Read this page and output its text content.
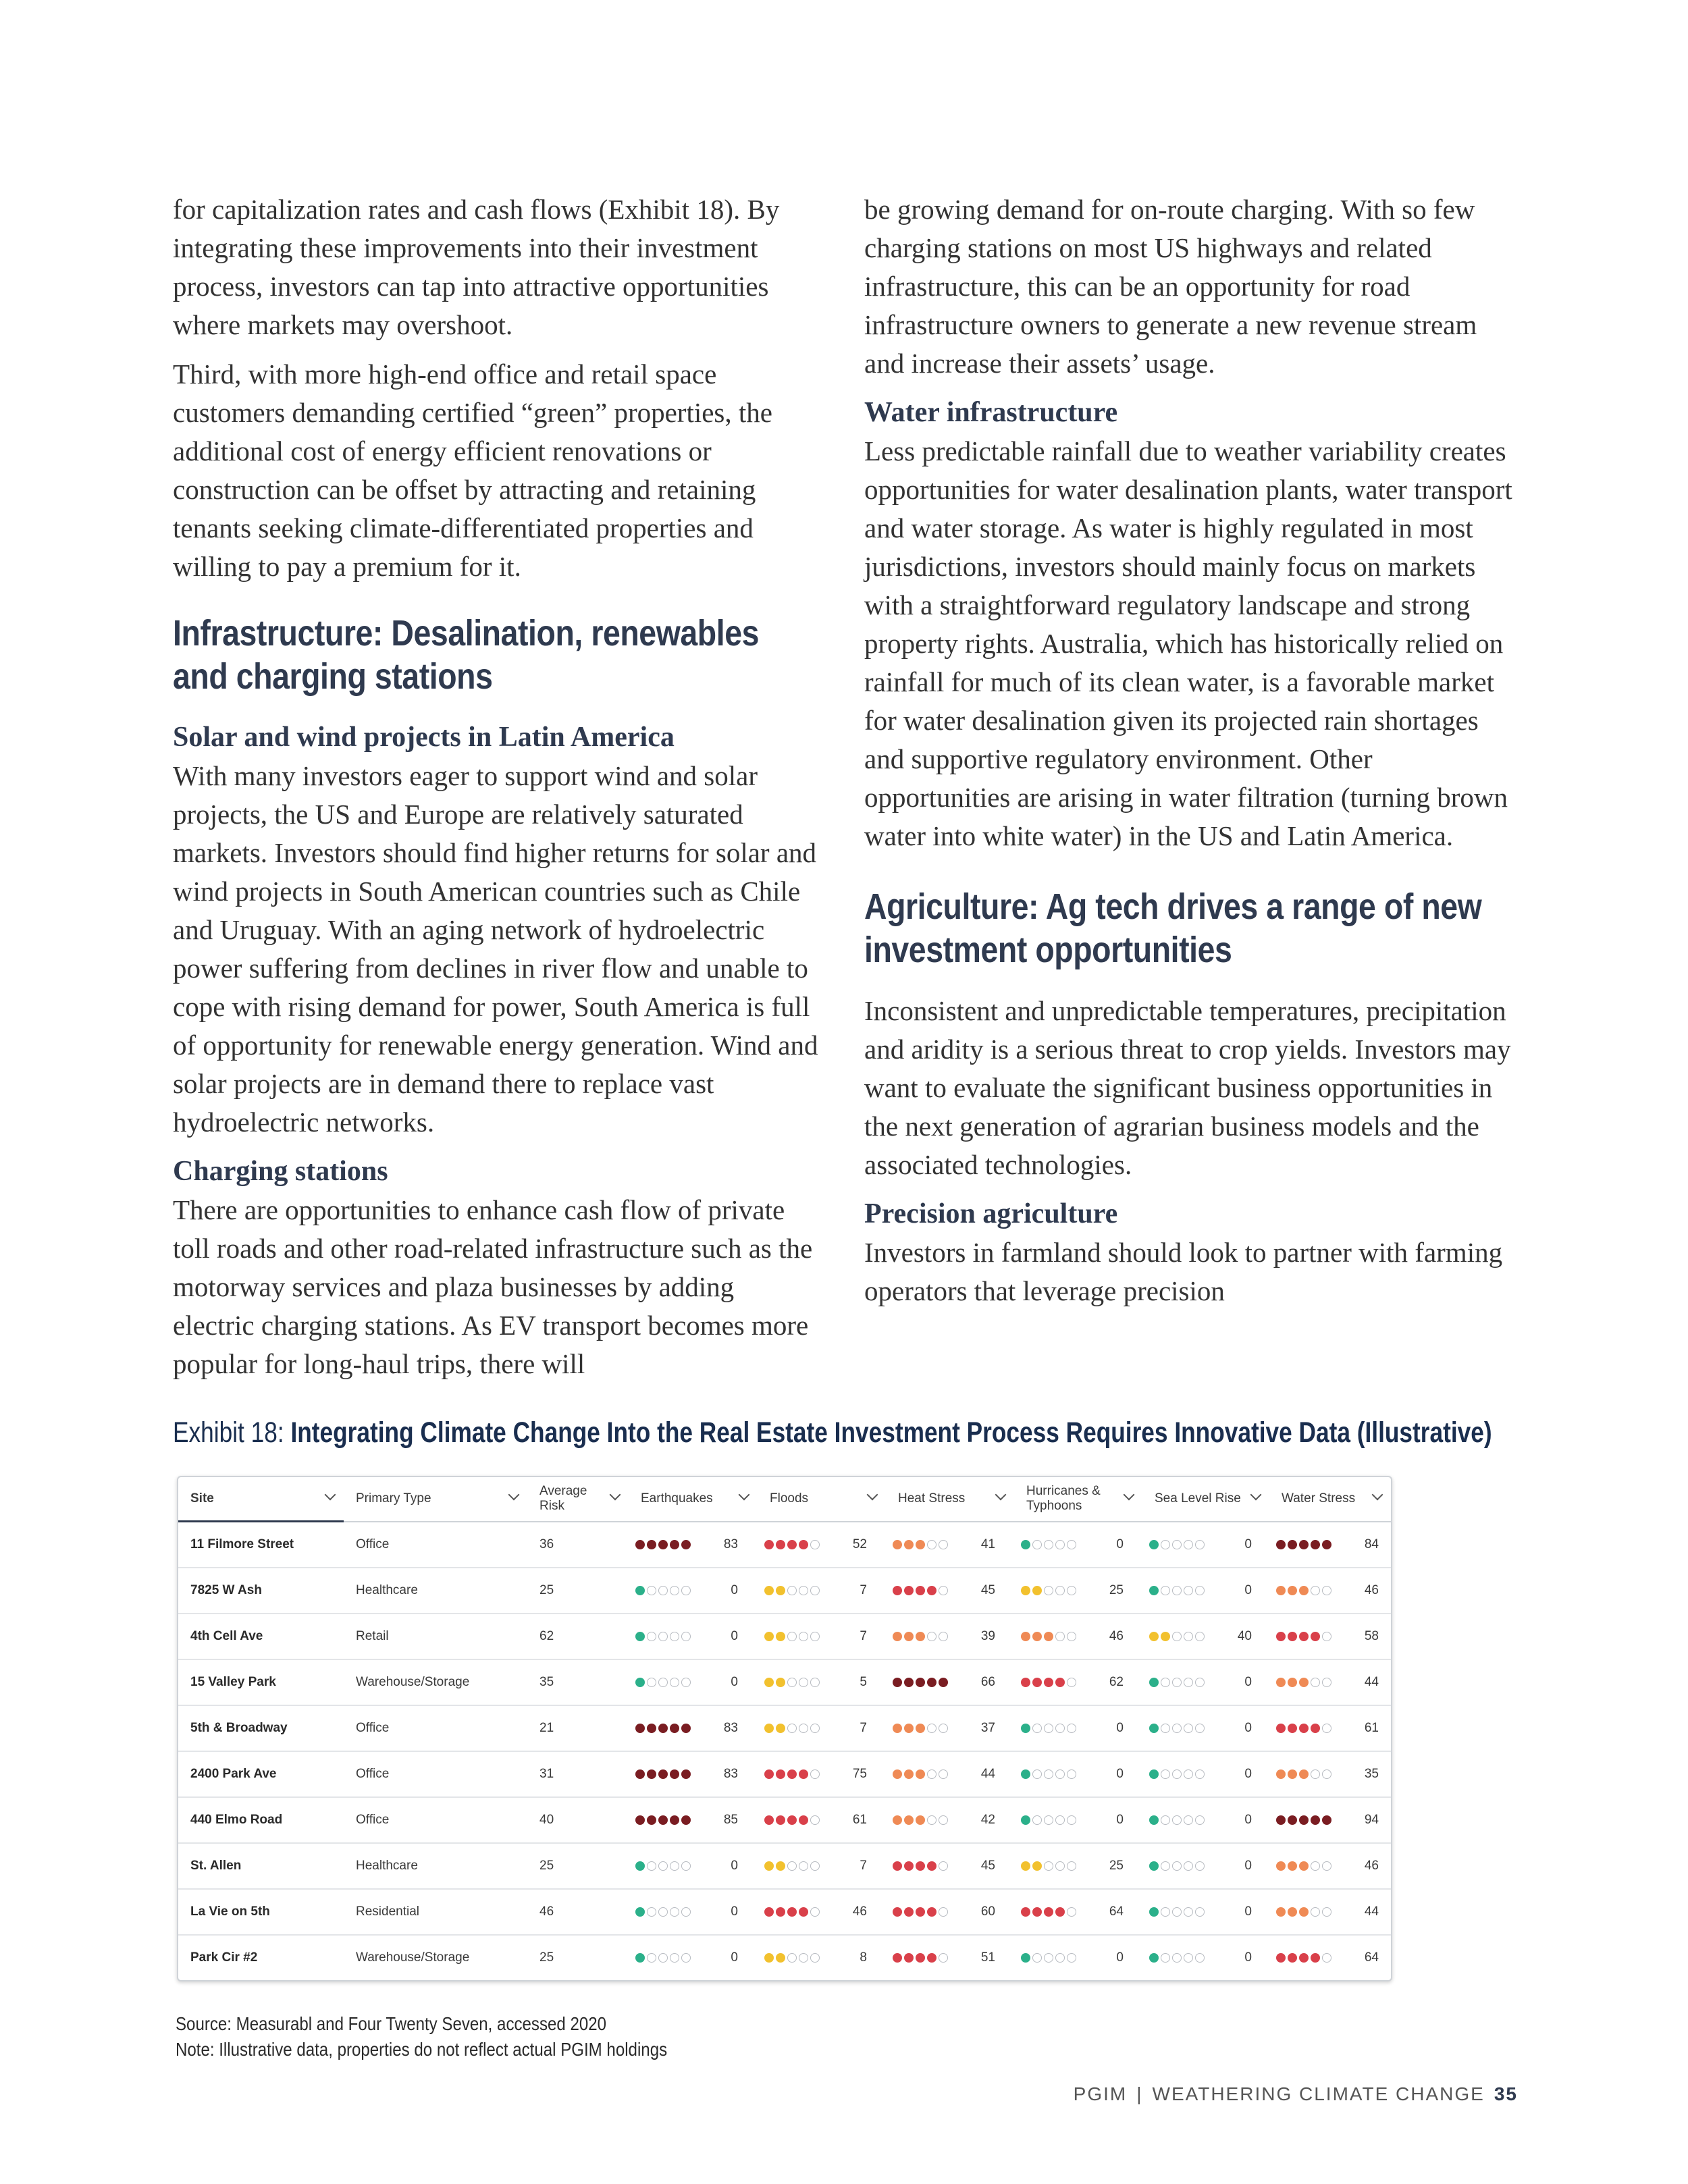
for capitalization rates and cash flows (Exhibit 18). By integrating these improvements into their investment process, investors can tap into attractive opportunities where markets may overshoot.

Third, with more high-end office and retail space customers demanding certified “green” properties, the additional cost of energy efficient renovations or construction can be offset by attracting and retaining tenants seeking climate-differentiated properties and willing to pay a premium for it.

Infrastructure: Desalination, renewables and charging stations
Solar and wind projects in Latin America

With many investors eager to support wind and solar projects, the US and Europe are relatively saturated markets. Investors should find higher returns for solar and wind projects in South American countries such as Chile and Uruguay. With an aging network of hydroelectric power suffering from declines in river flow and unable to cope with rising demand for power, South America is full of opportunity for renewable energy generation. Wind and solar projects are in demand there to replace vast hydroelectric networks.

Charging stations

There are opportunities to enhance cash flow of private toll roads and other road-related infrastructure such as the motorway services and plaza businesses by adding electric charging stations. As EV transport becomes more popular for long-haul trips, there will

be growing demand for on-route charging. With so few charging stations on most US highways and related infrastructure, this can be an opportunity for road infrastructure owners to generate a new revenue stream and increase their assets’ usage.

Water infrastructure

Less predictable rainfall due to weather variability creates opportunities for water desalination plants, water transport and water storage. As water is highly regulated in most jurisdictions, investors should mainly focus on markets with a straightforward regulatory landscape and strong property rights. Australia, which has historically relied on rainfall for much of its clean water, is a favorable market for water desalination given its projected rain shortages and supportive regulatory environment. Other opportunities are arising in water filtration (turning brown water into white water) in the US and Latin America.

Agriculture: Ag tech drives a range of new investment opportunities

Inconsistent and unpredictable temperatures, precipitation and aridity is a serious threat to crop yields. Investors may want to evaluate the significant business opportunities in the next generation of agrarian business models and the associated technologies.

Precision agriculture

Investors in farmland should look to partner with farming operators that leverage precision

Exhibit 18: Integrating Climate Change Into the Real Estate Investment Process Requires Innovative Data (Illustrative)
Site	Primary Type	Average Risk	Earthquakes	Floods	Heat Stress	Hurricanes & Typhoons	Sea Level Rise	Water Stress

11 Filmore Street	Office	36	83	52	41	0	0	84
7825 W Ash	Healthcare	25	0	7	45	25	0	46
4th Cell Ave	Retail	62	0	7	39	46	40	58
15 Valley Park	Warehouse/Storage	35	0	5	66	62	0	44
5th & Broadway	Office	21	83	7	37	0	0	61
2400 Park Ave	Office	31	83	75	44	0	0	35
440 Elmo Road	Office	40	85	61	42	0	0	94
St. Allen	Healthcare	25	0	7	45	25	0	46
La Vie on 5th	Residential	46	0	46	60	64	0	44
Park Cir #2	Warehouse/Storage	25	0	8	51	0	0	64
Source: Measurabl and Four Twenty Seven, accessed 2020
Note: Illustrative data, properties do not reflect actual PGIM holdings
PGIM | WEATHERING CLIMATE CHANGE 35
